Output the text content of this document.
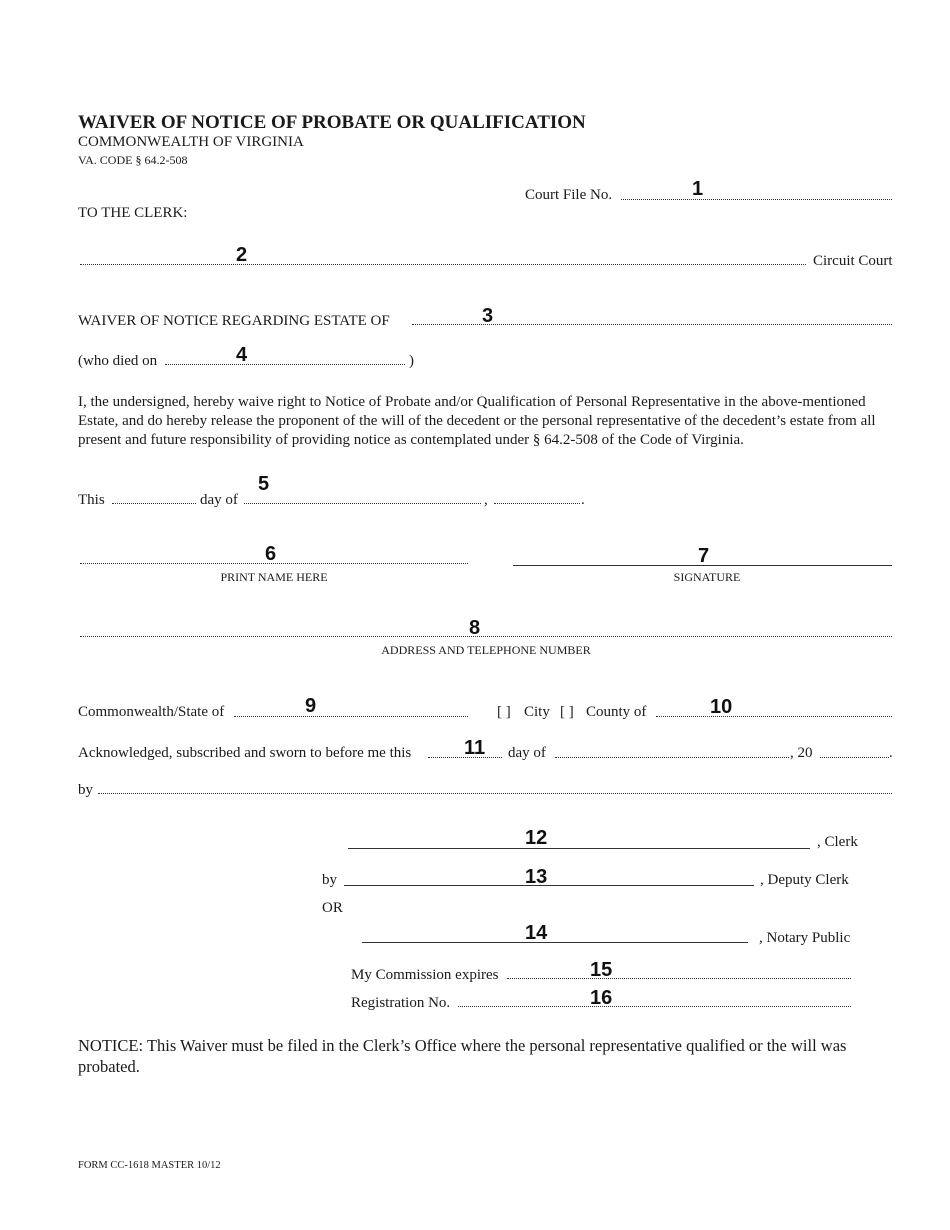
WAIVER OF NOTICE OF PROBATE OR QUALIFICATION
COMMONWEALTH OF VIRGINIA
VA. CODE § 64.2-508
Court File No.	1
TO THE CLERK:
2	Circuit Court
WAIVER OF NOTICE REGARDING ESTATE OF	3
(who died on	4	)
I, the undersigned, hereby waive right to Notice of Probate and/or Qualification of Personal Representative in the above-mentioned Estate, and do hereby release the proponent of the will of the decedent or the personal representative of the decedent’s estate from all present and future responsibility of providing notice as contemplated under § 64.2-508 of the Code of Virginia.
This	day of
5
,	.
6
PRINT NAME HERE
7
SIGNATURE
8
ADDRESS AND TELEPHONE NUMBER
Commonwealth/State of	9	[ ] City [ ] County of	10
Acknowledged, subscribed and sworn to before me this	11 day of	, 20	.
by
12	, Clerk
by	13	, Deputy Clerk
OR
14	, Notary Public
My Commission expires	15
Registration No.	16
NOTICE: This Waiver must be filed in the Clerk’s Office where the personal representative qualified or the will was probated.
FORM CC-1618 MASTER 10/12
